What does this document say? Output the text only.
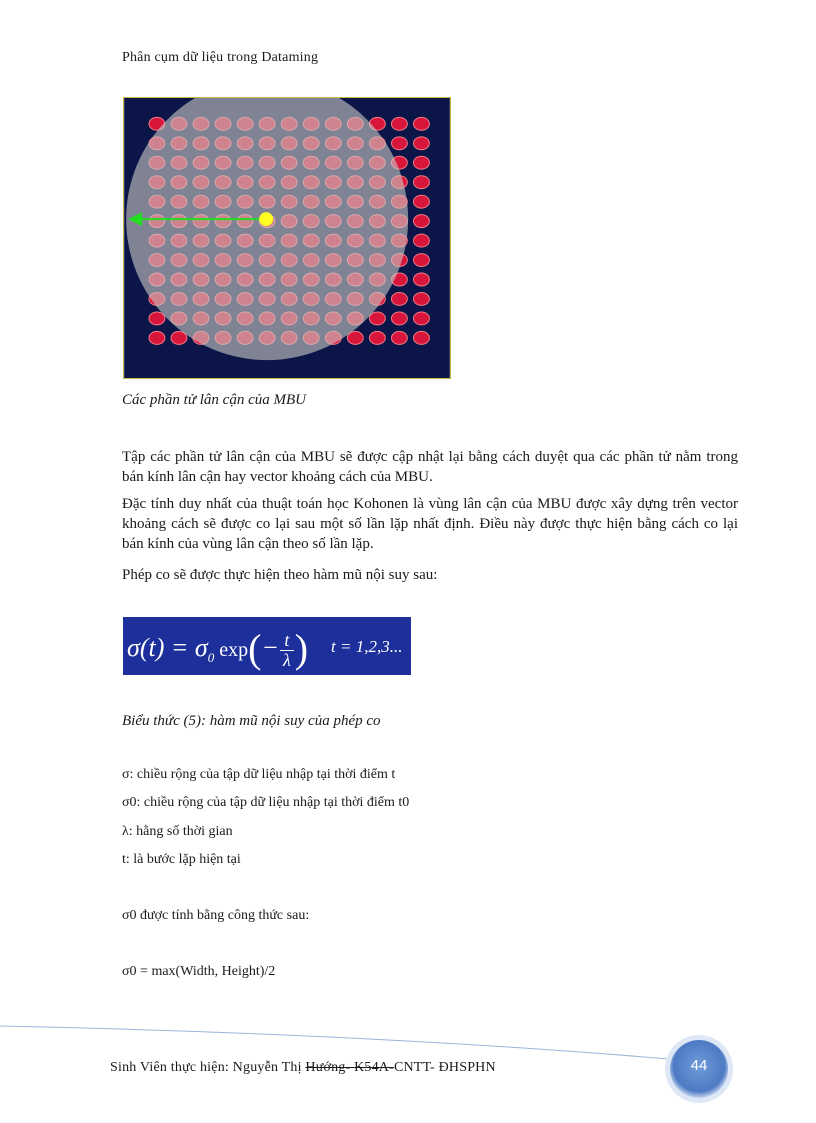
Phân cụm dữ liệu trong Dataming
Các phần tử lân cận của MBU

Tập các phần tử lân cận của MBU sẽ được cập nhật lại bằng cách duyệt qua các phần tử nằm trong bán kính lân cận hay vector khoảng cách của MBU.

Đặc tính duy nhất của thuật toán học Kohonen là vùng lân cận của MBU được xây dựng trên vector khoảng cách sẽ được co lại sau một số lần lặp nhất định. Điều này được thực hiện bằng cách co lại bán kính của vùng lân cận theo số lần lặp.

Phép co sẽ được thực hiện theo hàm mũ nội suy sau:

$\sigma(t) = \sigma_0$ $\exp(- \frac{t}{\lambda}$ ) t = 1,2,3...
Biểu thức (5): hàm mũ nội suy của phép co
σ: chiều rộng của tập dữ liệu nhập tại thời điểm t
σ0: chiều rộng của tập dữ liệu nhập tại thời điểm t0
λ: hằng số thời gian
t: là bước lặp hiện tại
σ0 được tính bằng công thức sau:
σ0 = max(Width, Height)/2
Sinh Viên thực hiện: Nguyễn Thị Hướng- K54A-CNTT- ĐHSPHN	44
